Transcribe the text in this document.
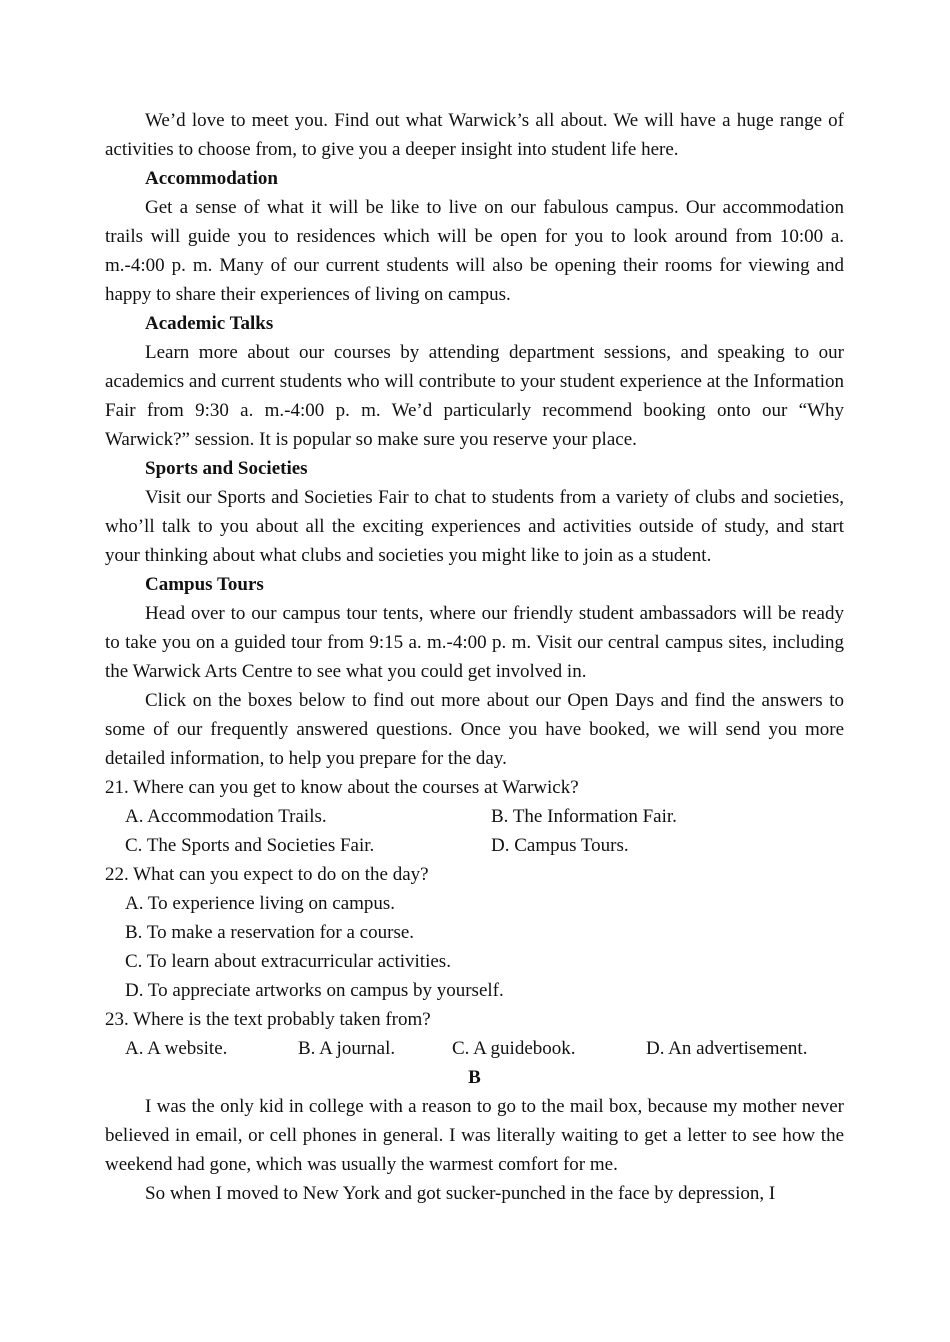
We’d love to meet you. Find out what Warwick’s all about. We will have a huge range of activities to choose from, to give you a deeper insight into student life here.

Accommodation

Get a sense of what it will be like to live on our fabulous campus. Our accommodation trails will guide you to residences which will be open for you to look around from 10:00 a. m.-4:00 p. m. Many of our current students will also be opening their rooms for viewing and happy to share their experiences of living on campus.

Academic Talks

Learn more about our courses by attending department sessions, and speaking to our academics and current students who will contribute to your student experience at the Information Fair from 9:30 a. m.-4:00 p. m. We’d particularly recommend booking onto our “Why Warwick?” session. It is popular so make sure you reserve your place.

Sports and Societies

Visit our Sports and Societies Fair to chat to students from a variety of clubs and societies, who’ll talk to you about all the exciting experiences and activities outside of study, and start your thinking about what clubs and societies you might like to join as a student.

Campus Tours

Head over to our campus tour tents, where our friendly student ambassadors will be ready to take you on a guided tour from 9:15 a. m.-4:00 p. m. Visit our central campus sites, including the Warwick Arts Centre to see what you could get involved in.

Click on the boxes below to find out more about our Open Days and find the answers to some of our frequently answered questions. Once you have booked, we will send you more detailed information, to help you prepare for the day.

21. Where can you get to know about the courses at Warwick?

A. Accommodation Trails.	B. The Information Fair.
C. The Sports and Societies Fair.	D. Campus Tours.

22. What can you expect to do on the day?

A. To experience living on campus.

B. To make a reservation for a course.

C. To learn about extracurricular activities.

D. To appreciate artworks on campus by yourself.

23. Where is the text probably taken from?

A. A website.	B. A journal.	C. A guidebook.	D. An advertisement.

B

I was the only kid in college with a reason to go to the mail box, because my mother never believed in email, or cell phones in general. I was literally waiting to get a letter to see how the weekend had gone, which was usually the warmest comfort for me.

So when I moved to New York and got sucker-punched in the face by depression, I
